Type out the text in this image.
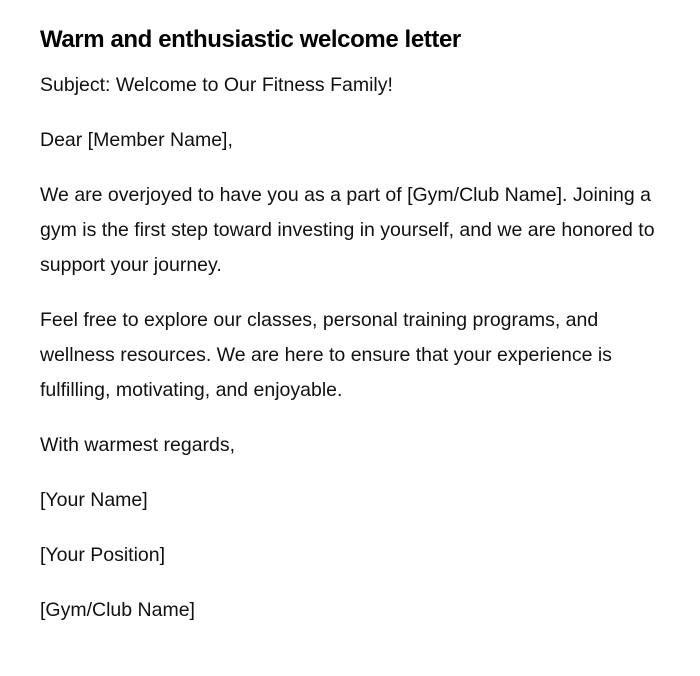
Warm and enthusiastic welcome letter
Subject: Welcome to Our Fitness Family!
Dear [Member Name],
We are overjoyed to have you as a part of [Gym/Club Name]. Joining a gym is the first step toward investing in yourself, and we are honored to support your journey.
Feel free to explore our classes, personal training programs, and wellness resources. We are here to ensure that your experience is fulfilling, motivating, and enjoyable.
With warmest regards,
[Your Name]
[Your Position]
[Gym/Club Name]
